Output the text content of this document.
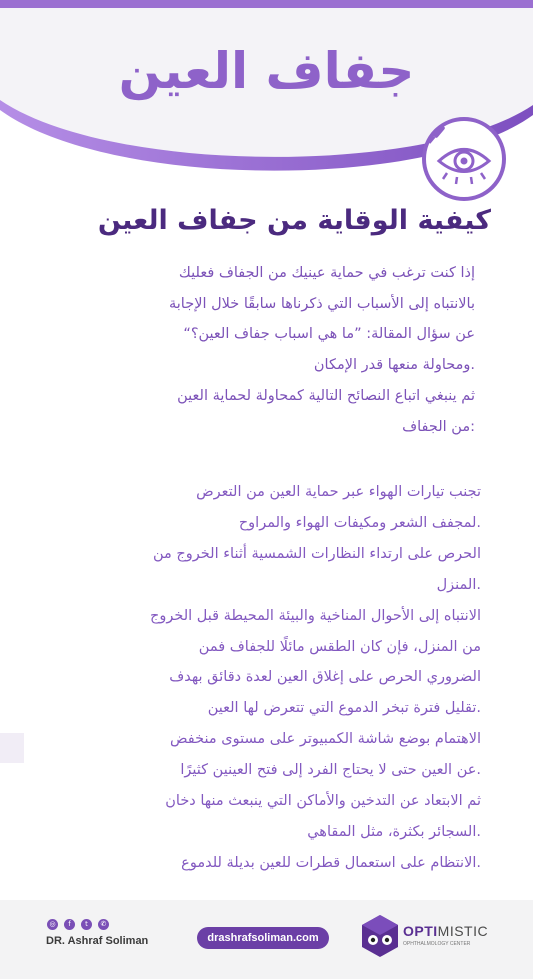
جفاف العين
كيفية الوقاية من جفاف العين

إذا كنت ترغب في حماية عينيك من الجفاف فعليك

بالانتباه إلى الأسباب التي ذكرناها سابقًا خلال الإجابة

عن سؤال المقالة: ”ما هي اسباب جفاف العين؟“

.ومحاولة منعها قدر الإمكان

ثم ينبغي اتباع النصائح التالية كمحاولة لحماية العين

:من الجفاف

تجنب تيارات الهواء عبر حماية العين من التعرض

.لمجفف الشعر ومكيفات الهواء والمراوح

الحرص على ارتداء النظارات الشمسية أثناء الخروج من

.المنزل

الانتباه إلى الأحوال المناخية والبيئة المحيطة قبل الخروج

من المنزل، فإن كان الطقس مائلًا للجفاف فمن

الضروري الحرص على إغلاق العين لعدة دقائق بهدف

.تقليل فترة تبخر الدموع التي تتعرض لها العين

الاهتمام بوضع شاشة الكمبيوتر على مستوى منخفض

.عن العين حتى لا يحتاج الفرد إلى فتح العينين كثيرًا

ثم الابتعاد عن التدخين والأماكن التي ينبعث منها دخان

.السجائر بكثرة، مثل المقاهي

.الانتظام على استعمال قطرات للعين بديلة للدموع

◎	f	t	✆
DR. Ashraf Soliman	drashrafsoliman.com	OPTIMISTIC
OPHTHALMOLOGY CENTER
